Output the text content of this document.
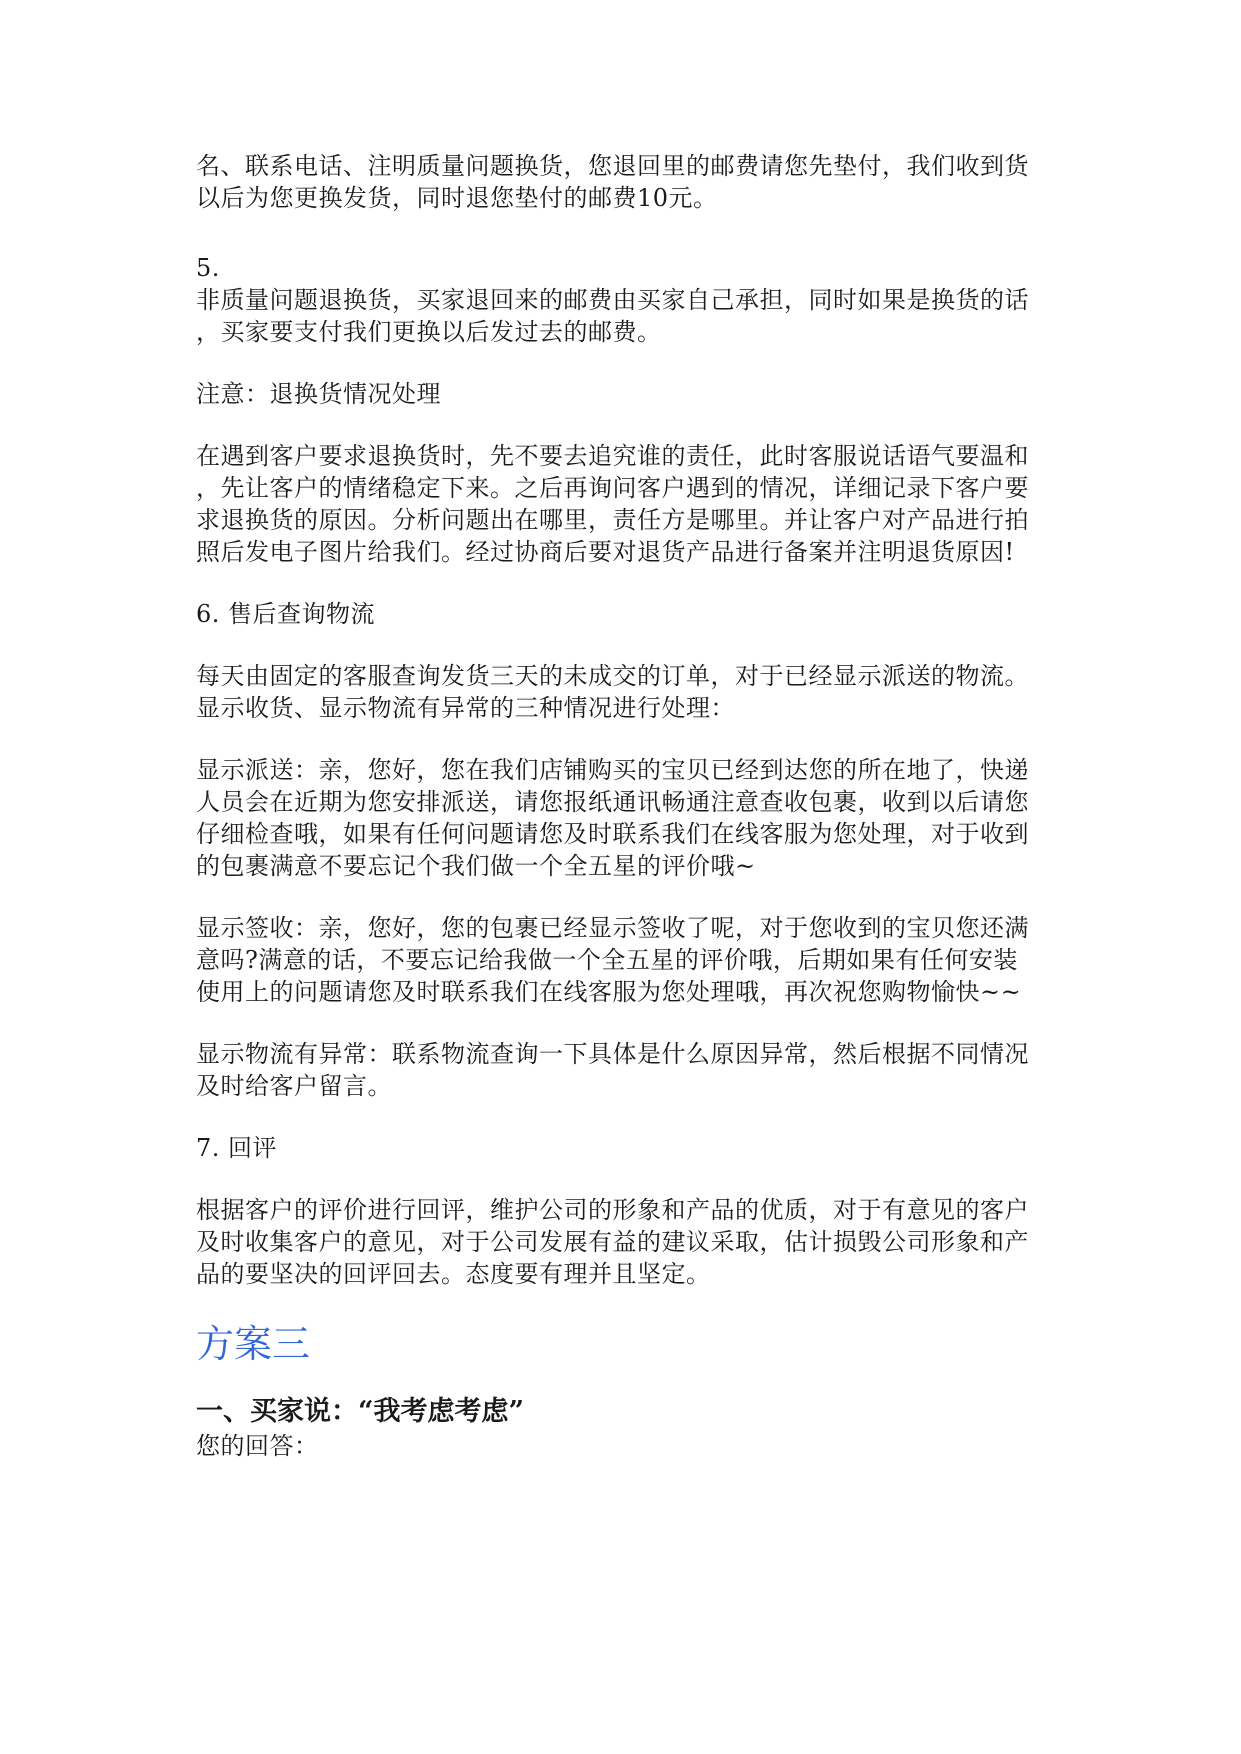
名、联系电话、注明质量问题换货，您退回里的邮费请您先垫付，我们收到货

以后为您更换发货，同时退您垫付的邮费10元。

5.

非质量问题退换货，买家退回来的邮费由买家自己承担，同时如果是换货的话

，买家要支付我们更换以后发过去的邮费。

注意：退换货情况处理

在遇到客户要求退换货时，先不要去追究谁的责任，此时客服说话语气要温和

，先让客户的情绪稳定下来。之后再询问客户遇到的情况，详细记录下客户要

求退换货的原因。分析问题出在哪里，责任方是哪里。并让客户对产品进行拍

照后发电子图片给我们。经过协商后要对退货产品进行备案并注明退货原因!

6. 售后查询物流

每天由固定的客服查询发货三天的未成交的订单，对于已经显示派送的物流。

显示收货、显示物流有异常的三种情况进行处理：

显示派送：亲，您好，您在我们店铺购买的宝贝已经到达您的所在地了，快递

人员会在近期为您安排派送，请您报纸通讯畅通注意查收包裹，收到以后请您

仔细检查哦，如果有任何问题请您及时联系我们在线客服为您处理，对于收到

的包裹满意不要忘记个我们做一个全五星的评价哦~

显示签收：亲，您好，您的包裹已经显示签收了呢，对于您收到的宝贝您还满

意吗?满意的话，不要忘记给我做一个全五星的评价哦，后期如果有任何安装

使用上的问题请您及时联系我们在线客服为您处理哦，再次祝您购物愉快~~

显示物流有异常：联系物流查询一下具体是什么原因异常，然后根据不同情况

及时给客户留言。

7. 回评

根据客户的评价进行回评，维护公司的形象和产品的优质，对于有意见的客户

及时收集客户的意见，对于公司发展有益的建议采取，估计损毁公司形象和产

品的要坚决的回评回去。态度要有理并且坚定。

方案三

一、买家说：“我考虑考虑”

您的回答：
